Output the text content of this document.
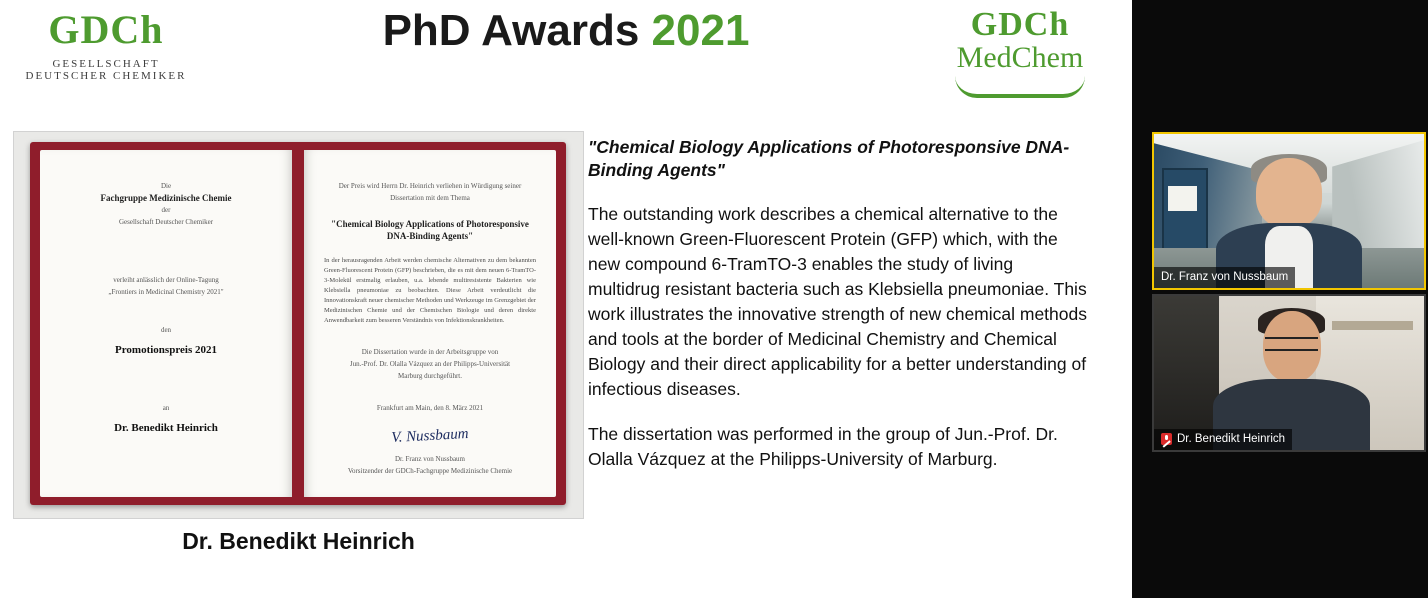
GDCh
GESELLSCHAFT
DEUTSCHER CHEMIKER
PhD Awards 2021	GDCh
MedChem
Die
Fachgruppe Medizinische Chemie
der
Gesellschaft Deutscher Chemiker
verleiht anlässlich der Online-Tagung
„Frontiers in Medicinal Chemistry 2021"
den
Promotionspreis 2021
an
Dr. Benedikt Heinrich
Der Preis wird Herrn Dr. Heinrich verliehen in Würdigung seiner
Dissertation mit dem Thema
"Chemical Biology Applications of Photoresponsive DNA-Binding Agents"
In der herausragenden Arbeit werden chemische Alternativen zu dem bekannten Green-Fluorescent Protein (GFP) beschrieben, die es mit dem neuen 6-TramTO-3-Molekül erstmalig erlauben, u.a. lebende multiresistente Bakterien wie Klebsiella pneumoniae zu beobachten. Diese Arbeit verdeutlicht die Innovationskraft neuer chemischer Methoden und Werkzeuge im Grenzgebiet der Medizinischen Chemie und der Chemischen Biologie und deren direkte Anwendbarkeit zum besseren Verständnis von Infektionskrankheiten.
Die Dissertation wurde in der Arbeitsgruppe von
Jun.-Prof. Dr. Olalla Vázquez an der Philipps-Universität
Marburg durchgeführt.
Frankfurt am Main, den 8. März 2021
V. Nussbaum
Dr. Franz von Nussbaum
Vorsitzender der GDCh-Fachgruppe Medizinische Chemie
Dr. Benedikt Heinrich
"Chemical Biology Applications of Photoresponsive DNA-Binding Agents"
The outstanding work describes a chemical alternative to the well-known Green-Fluorescent Protein (GFP) which, with the new compound 6-TramTO-3 enables the study of living multidrug resistant bacteria such as Klebsiella pneumoniae. This work illustrates the innovative strength of new chemical methods and tools at the border of Medicinal Chemistry and Chemical Biology and their direct applicability for a better understanding of infectious diseases.
The dissertation was performed in the group of Jun.-Prof. Dr. Olalla Vázquez at the Philipps-University of Marburg.
Dr. Franz von Nussbaum
Dr. Benedikt Heinrich
